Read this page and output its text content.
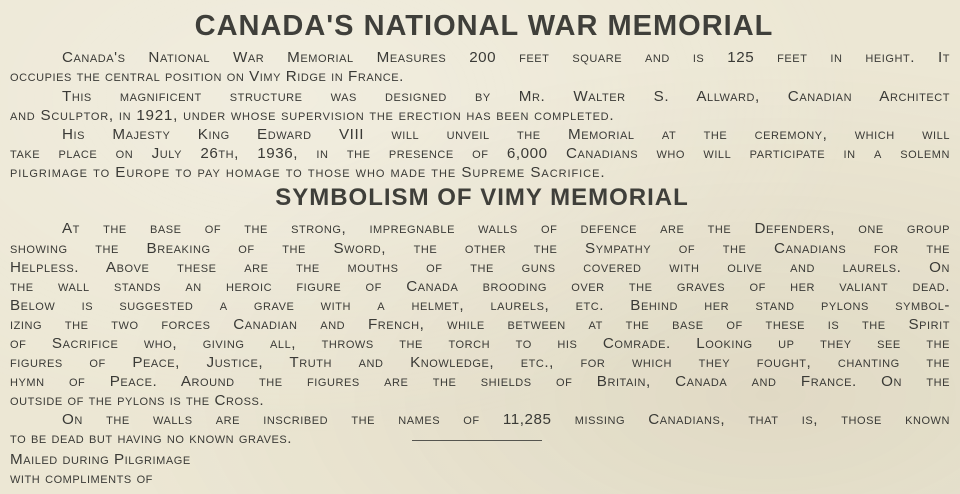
CANADA'S NATIONAL WAR MEMORIAL
Canada's National War Memorial Measures 200 feet square and is 125 feet in height. It
occupies the central position on Vimy Ridge in France.
This magnificent structure was designed by Mr. Walter S. Allward, Canadian Architect
and Sculptor, in 1921, under whose supervision the erection has been completed.
His Majesty King Edward VIII will unveil the Memorial at the ceremony, which will
take place on July 26th, 1936, in the presence of 6,000 Canadians who will participate in a solemn
pilgrimage to Europe to pay homage to those who made the Supreme Sacrifice.
SYMBOLISM OF VIMY MEMORIAL
At the base of the strong, impregnable walls of defence are the Defenders, one group
showing the Breaking of the Sword, the other the Sympathy of the Canadians for the
Helpless. Above these are the mouths of the guns covered with olive and laurels. On
the wall stands an heroic figure of Canada brooding over the graves of her valiant dead.
Below is suggested a grave with a helmet, laurels, etc. Behind her stand pylons symbol-
izing the two forces Canadian and French, while between at the base of these is the Spirit
of Sacrifice who, giving all, throws the torch to his Comrade. Looking up they see the
figures of Peace, Justice, Truth and Knowledge, etc., for which they fought, chanting the
hymn of Peace. Around the figures are the shields of Britain, Canada and France. On the
outside of the pylons is the Cross.
On the walls are inscribed the names of 11,285 missing Canadians, that is, those known
to be dead but having no known graves.
Mailed during Pilgrimage
with compliments of
